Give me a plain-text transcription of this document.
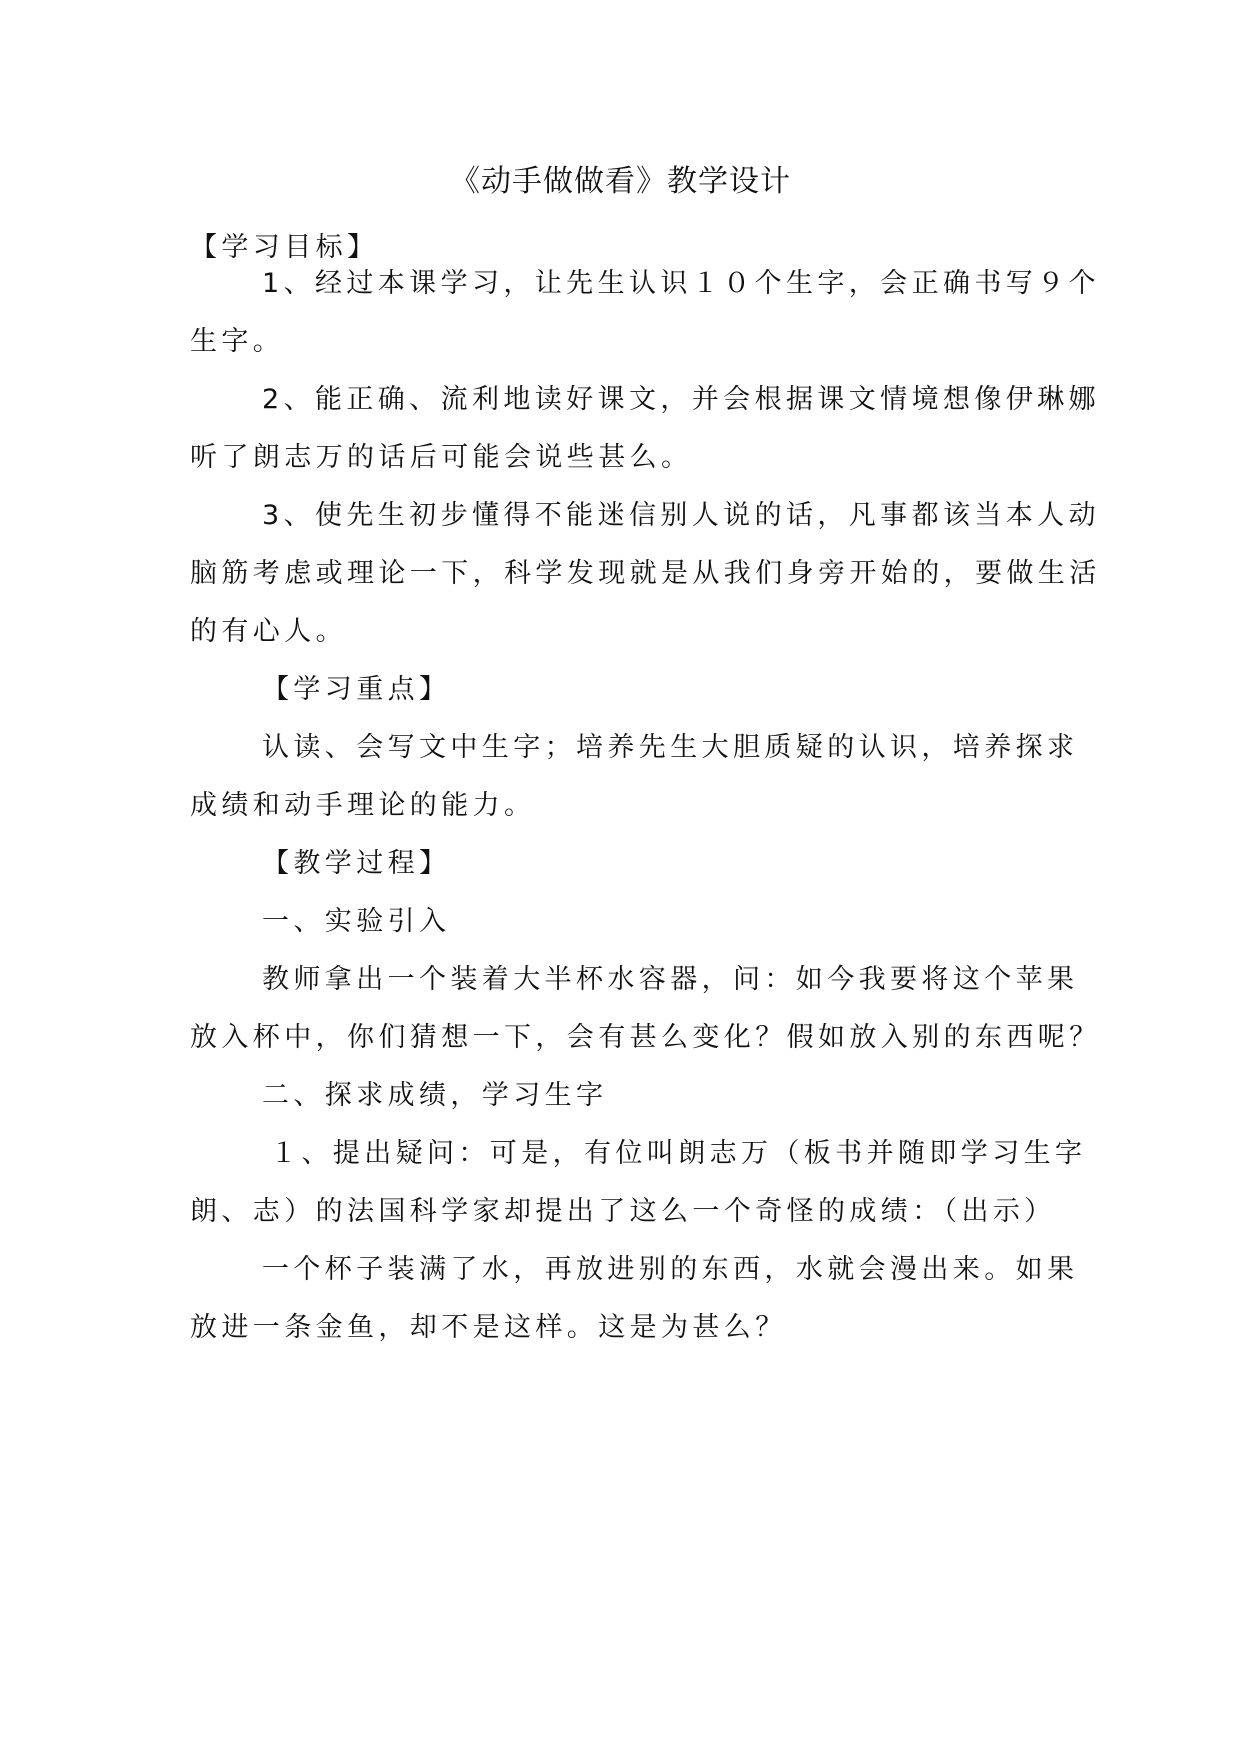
《动手做做看》教学设计
【学习目标】
1、经过本课学习，让先生认识１０个生字，会正确书写９个
生字。
2、能正确、流利地读好课文，并会根据课文情境想像伊琳娜
听了朗志万的话后可能会说些甚么。
3、使先生初步懂得不能迷信别人说的话，凡事都该当本人动
脑筋考虑或理论一下，科学发现就是从我们身旁开始的，要做生活
的有心人。
【学习重点】
认读、会写文中生字；培养先生大胆质疑的认识，培养探求
成绩和动手理论的能力。
【教学过程】
一、实验引入
教师拿出一个装着大半杯水容器，问：如今我要将这个苹果
放入杯中，你们猜想一下，会有甚么变化？假如放入别的东西呢？
二、探求成绩，学习生字
１、提出疑问：可是，有位叫朗志万（板书并随即学习生字
朗、志）的法国科学家却提出了这么一个奇怪的成绩：（出示）
一个杯子装满了水，再放进别的东西，水就会漫出来。如果
放进一条金鱼，却不是这样。这是为甚么？
